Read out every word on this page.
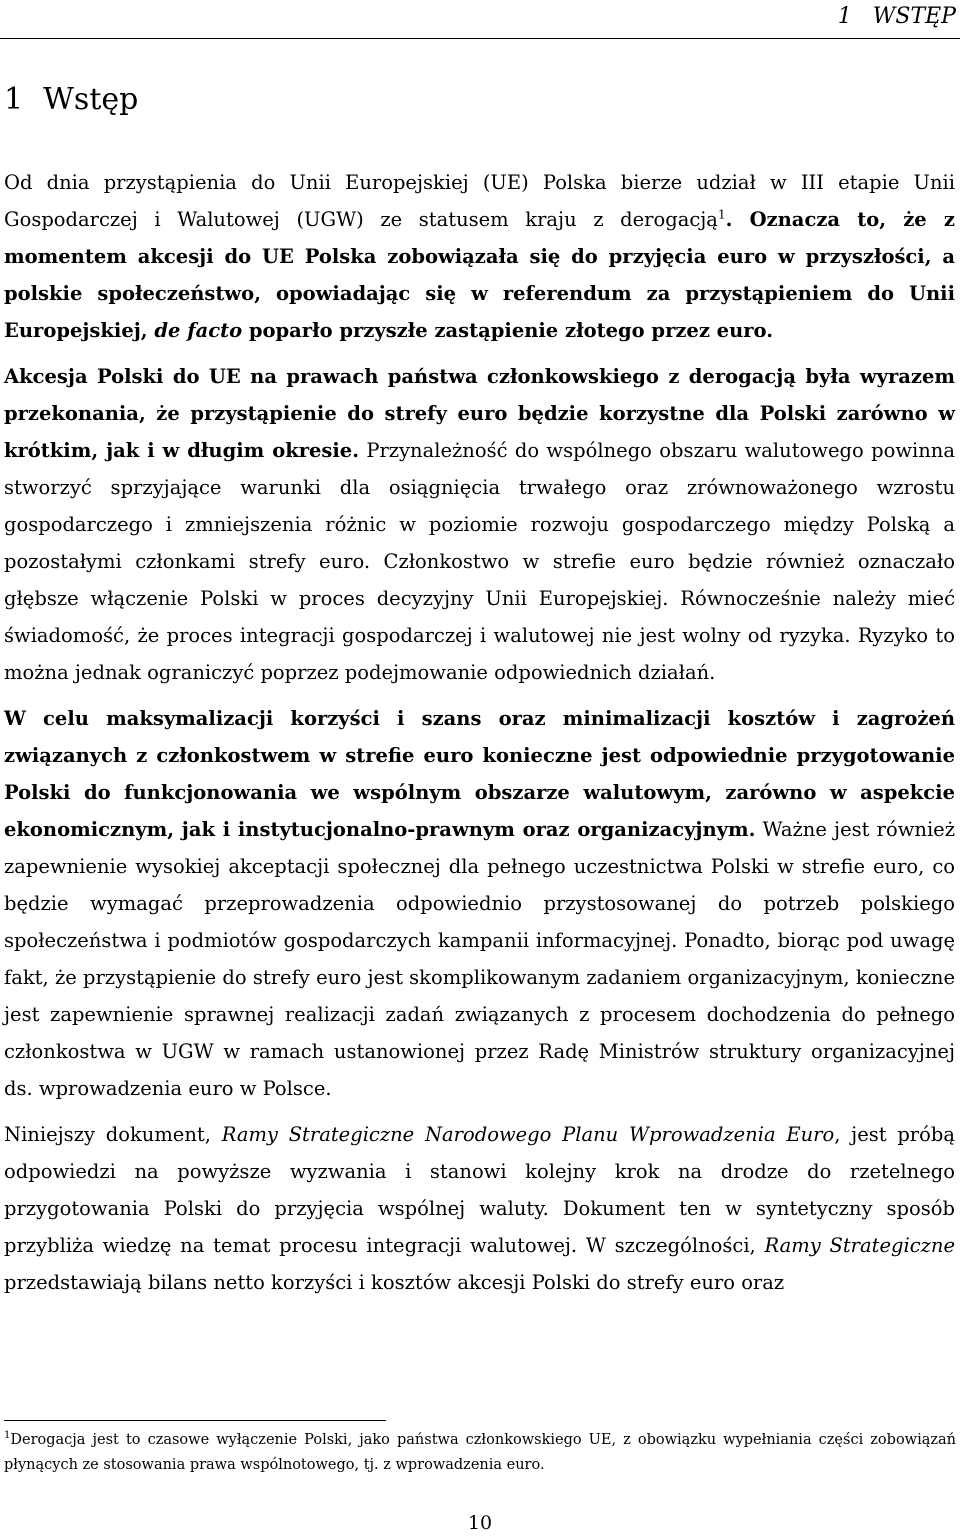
1 WSTĘP
1 Wstęp

Od dnia przystąpienia do Unii Europejskiej (UE) Polska bierze udział w III etapie Unii Gospodarczej i Walutowej (UGW) ze statusem kraju z derogacją$^1$. Oznacza to, że z momentem akcesji do UE Polska zobowiązała się do przyjęcia euro w przyszłości, a polskie społeczeństwo, opowiadając się w referendum za przystąpieniem do Unii Europejskiej, de facto poparło przyszłe zastąpienie złotego przez euro.

Akcesja Polski do UE na prawach państwa członkowskiego z derogacją była wyrazem przekonania, że przystąpienie do strefy euro będzie korzystne dla Polski zarówno w krótkim, jak i w długim okresie. Przynależność do wspólnego obszaru walutowego powinna stworzyć sprzyjające warunki dla osiągnięcia trwałego oraz zrównoważonego wzrostu gospodarczego i zmniejszenia różnic w poziomie rozwoju gospodarczego między Polską a pozostałymi członkami strefy euro. Członkostwo w strefie euro będzie również oznaczało głębsze włączenie Polski w proces decyzyjny Unii Europejskiej. Równocześnie należy mieć świadomość, że proces integracji gospodarczej i walutowej nie jest wolny od ryzyka. Ryzyko to można jednak ograniczyć poprzez podejmowanie odpowiednich działań.

W celu maksymalizacji korzyści i szans oraz minimalizacji kosztów i zagrożeń związanych z członkostwem w strefie euro konieczne jest odpowiednie przygotowanie Polski do funkcjonowania we wspólnym obszarze walutowym, zarówno w aspekcie ekonomicznym, jak i instytucjonalno-prawnym oraz organizacyjnym. Ważne jest również zapewnienie wysokiej akceptacji społecznej dla pełnego uczestnictwa Polski w strefie euro, co będzie wymagać przeprowadzenia odpowiednio przystosowanej do potrzeb polskiego społeczeństwa i podmiotów gospodarczych kampanii informacyjnej. Ponadto, biorąc pod uwagę fakt, że przystąpienie do strefy euro jest skomplikowanym zadaniem organizacyjnym, konieczne jest zapewnienie sprawnej realizacji zadań związanych z procesem dochodzenia do pełnego członkostwa w UGW w ramach ustanowionej przez Radę Ministrów struktury organizacyjnej ds. wprowadzenia euro w Polsce.

Niniejszy dokument, Ramy Strategiczne Narodowego Planu Wprowadzenia Euro, jest próbą odpowiedzi na powyższe wyzwania i stanowi kolejny krok na drodze do rzetelnego przygotowania Polski do przyjęcia wspólnej waluty. Dokument ten w syntetyczny sposób przybliża wiedzę na temat procesu integracji walutowej. W szczególności, Ramy Strategiczne przedstawiają bilans netto korzyści i kosztów akcesji Polski do strefy euro oraz

$^1$Derogacja jest to czasowe wyłączenie Polski, jako państwa członkowskiego UE, z obowiązku wypełniania części zobowiązań płynących ze stosowania prawa wspólnotowego, tj. z wprowadzenia euro.
10
